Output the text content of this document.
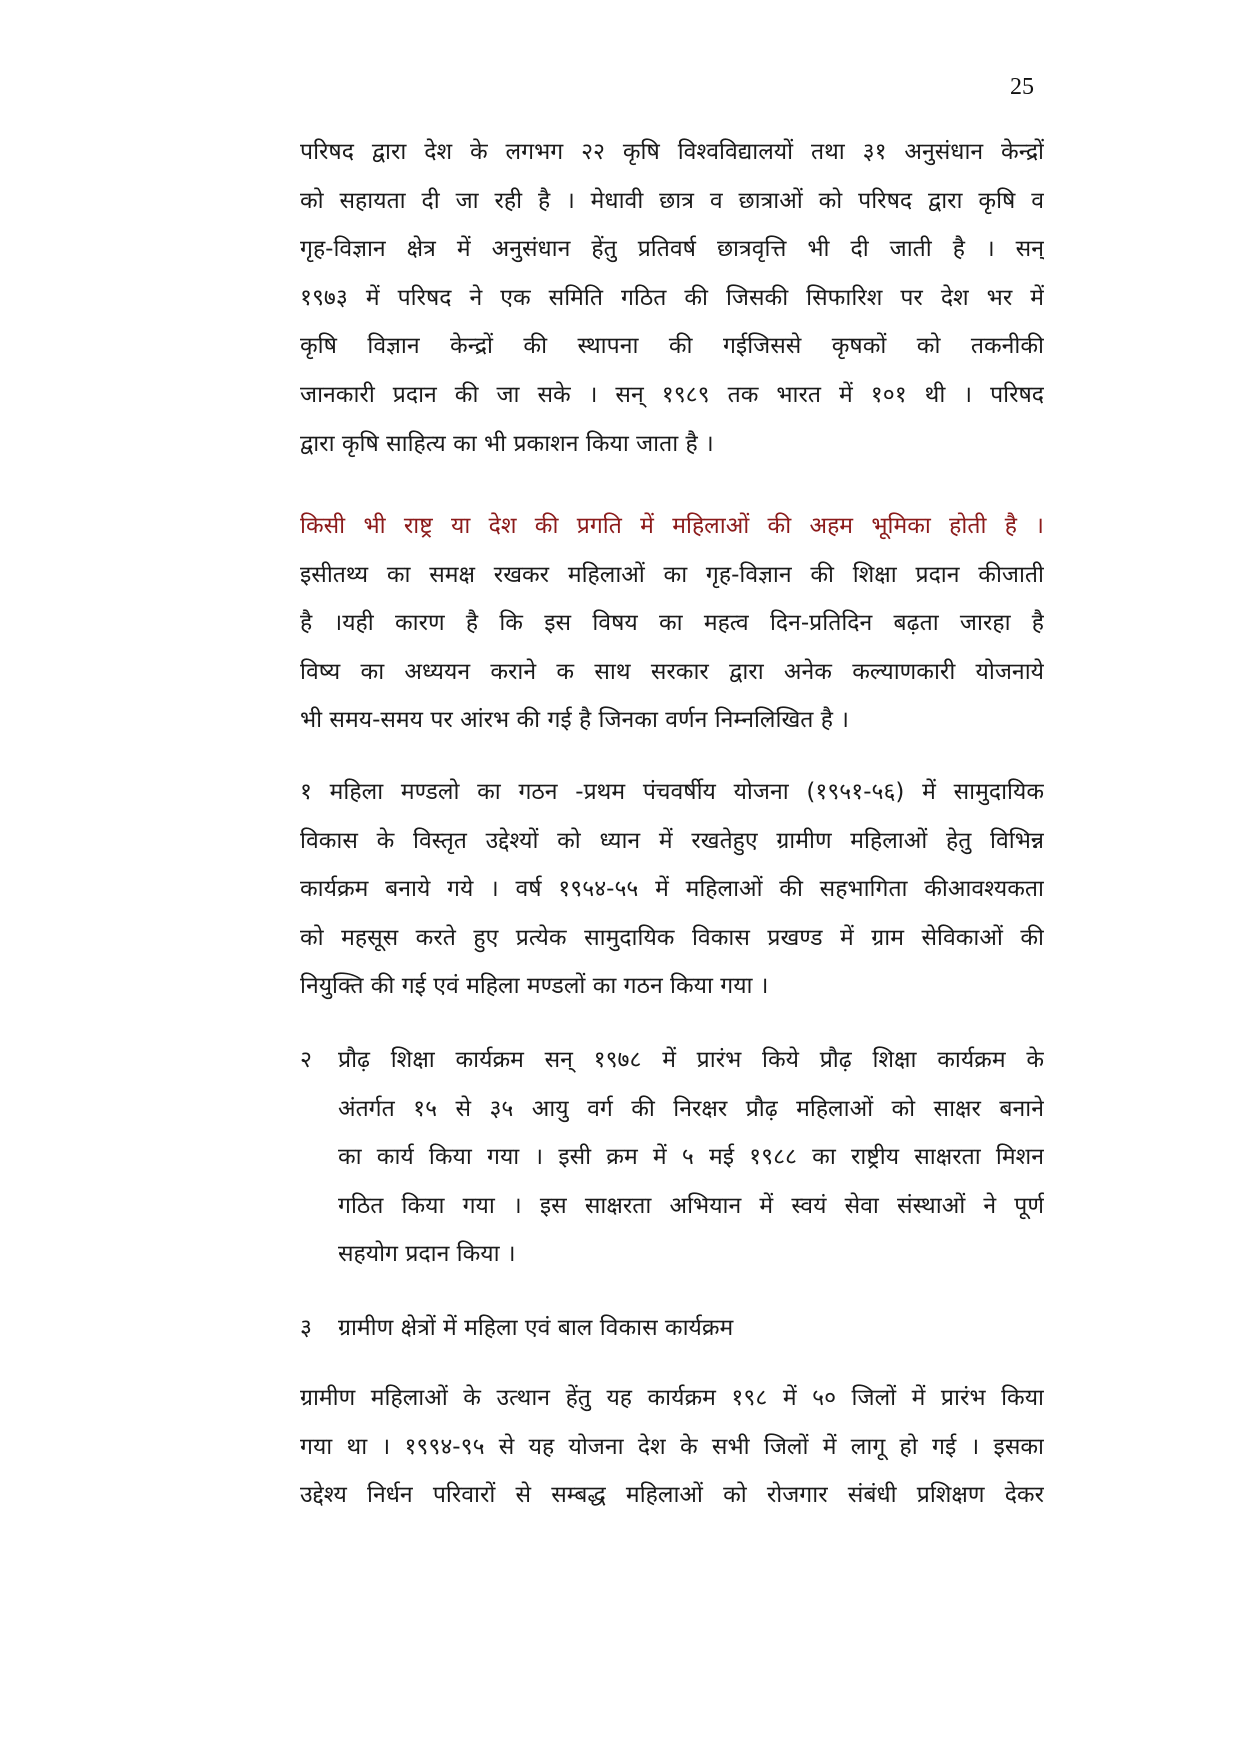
25
परिषद द्वारा देश के लगभग २२ कृषि विश्वविद्यालयों तथा ३१ अनुसंधान केन्द्रों
को सहायता दी जा रही है । मेधावी छात्र व छात्राओं को परिषद द्वारा कृषि व
गृह-विज्ञान क्षेत्र में अनुसंधान हेंतु प्रतिवर्ष छात्रवृत्ति भी दी जाती है । सन्
१९७३ में परिषद ने एक समिति गठित की जिसकी सिफारिश पर देश भर में
कृषि विज्ञान केन्द्रों की स्थापना की गईजिससे कृषकों को तकनीकी
जानकारी प्रदान की जा सके । सन् १९८९ तक भारत में १०१ थी । परिषद
द्वारा कृषि साहित्य का भी प्रकाशन किया जाता है ।
किसी भी राष्ट्र या देश की प्रगति में महिलाओं की अहम भूमिका होती है ।
इसीतथ्य का समक्ष रखकर महिलाओं का गृह-विज्ञान की शिक्षा प्रदान कीजाती
है ।यही कारण है कि इस विषय का महत्व दिन-प्रतिदिन बढ़ता जारहा है
विष्य का अध्ययन कराने क साथ सरकार द्वारा अनेक कल्याणकारी योजनाये
भी समय-समय पर आंरभ की गई है जिनका वर्णन निम्नलिखित है ।
१ महिला मण्डलो का गठन -प्रथम पंचवर्षीय योजना (१९५१-५६) में सामुदायिक
विकास के विस्तृत उद्देश्यों को ध्यान में रखतेहुए ग्रामीण महिलाओं हेतु विभिन्न
कार्यक्रम बनाये गये । वर्ष १९५४-५५ में महिलाओं की सहभागिता कीआवश्यकता
को महसूस करते हुए प्रत्येक सामुदायिक विकास प्रखण्ड में ग्राम सेविकाओं की
नियुक्ति की गई एवं महिला मण्डलों का गठन किया गया ।
२	प्रौढ़ शिक्षा कार्यक्रम सन् १९७८ में प्रारंभ किये प्रौढ़ शिक्षा कार्यक्रम के
अंतर्गत १५ से ३५ आयु वर्ग की निरक्षर प्रौढ़ महिलाओं को साक्षर बनाने
का कार्य किया गया । इसी क्रम में ५ मई १९८८ का राष्ट्रीय साक्षरता मिशन
गठित किया गया । इस साक्षरता अभियान में स्वयं सेवा संस्थाओं ने पूर्ण
सहयोग प्रदान किया ।
३	ग्रामीण क्षेत्रों में महिला एवं बाल विकास कार्यक्रम
ग्रामीण महिलाओं के उत्थान हेंतु यह कार्यक्रम १९८ में ५० जिलों में प्रारंभ किया
गया था । १९९४-९५ से यह योजना देश के सभी जिलों में लागू हो गई । इसका
उद्देश्य निर्धन परिवारों से सम्बद्ध महिलाओं को रोजगार संबंधी प्रशिक्षण देकर
